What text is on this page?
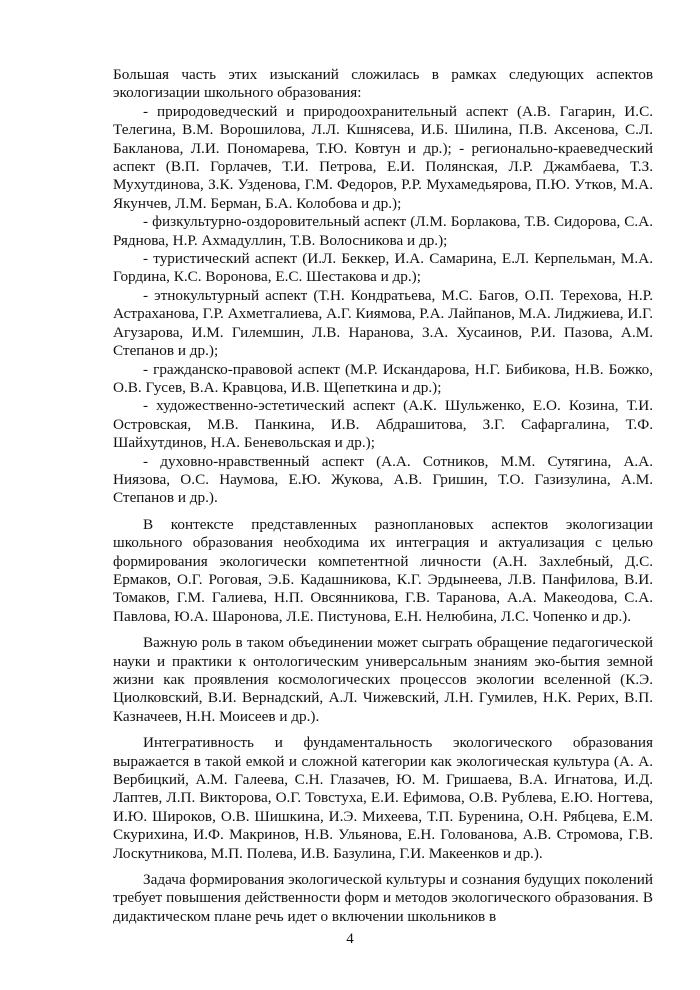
Большая часть этих изысканий сложилась в рамках следующих аспектов экологизации школьного образования:

- природоведческий и природоохранительный аспект (А.В. Гагарин, И.С. Телегина, В.М. Ворошилова, Л.Л. Кшнясева, И.Б. Шилина, П.В. Аксенова, С.Л. Бакланова, Л.И. Пономарева, Т.Ю. Ковтун и др.); - регионально-краеведческий аспект (В.П. Горлачев, Т.И. Петрова, Е.И. Полянская, Л.Р. Джамбаева, Т.З. Мухутдинова, З.К. Узденова, Г.М. Федоров, Р.Р. Мухамедьярова, П.Ю. Утков, М.А. Якунчев, Л.М. Берман, Б.А. Колобова и др.);

- физкультурно-оздоровительный аспект (Л.М. Борлакова, Т.В. Сидорова, С.А. Ряднова, Н.Р. Ахмадуллин, Т.В. Волосникова и др.);

- туристический аспект (И.Л. Беккер, И.А. Самарина, Е.Л. Керпельман, М.А. Гордина, К.С. Воронова, Е.С. Шестакова и др.);

- этнокультурный аспект (Т.Н. Кондратьева, М.С. Багов, О.П. Терехова, Н.Р. Астраханова, Г.Р. Ахметгалиева, А.Г. Киямова, Р.А. Лайпанов, М.А. Лиджиева, И.Г. Агузарова, И.М. Гилемшин, Л.В. Наранова, З.А. Хусаинов, Р.И. Пазова, А.М. Степанов и др.);

- гражданско-правовой аспект (М.Р. Искандарова, Н.Г. Бибикова, Н.В. Божко, О.В. Гусев, В.А. Кравцова, И.В. Щепеткина и др.);

- художественно-эстетический аспект (А.К. Шульженко, Е.О. Козина, Т.И. Островская, М.В. Панкина, И.В. Абдрашитова, З.Г. Сафаргалина, Т.Ф. Шайхутдинов, Н.А. Беневольская и др.);

- духовно-нравственный аспект (А.А. Сотников, М.М. Сутягина, А.А. Ниязова, О.С. Наумова, Е.Ю. Жукова, А.В. Гришин, Т.О. Газизулина, А.М. Степанов и др.).

В контексте представленных разноплановых аспектов экологизации школьного образования необходима их интеграция и актуализация с целью формирования экологически компетентной личности (А.Н. Захлебный, Д.С. Ермаков, О.Г. Роговая, Э.Б. Кадашникова, К.Г. Эрдынеева, Л.В. Панфилова, В.И. Томаков, Г.М. Галиева, Н.П. Овсянникова, Г.В. Таранова, А.А. Макеодова, С.А. Павлова, Ю.А. Шаронова, Л.Е. Пистунова, Е.Н. Нелюбина, Л.С. Чопенко и др.).

Важную роль в таком объединении может сыграть обращение педагогической науки и практики к онтологическим универсальным знаниям эко-бытия земной жизни как проявления космологических процессов экологии вселенной (К.Э. Циолковский, В.И. Вернадский, А.Л. Чижевский, Л.Н. Гумилев, Н.К. Рерих, В.П. Казначеев, Н.Н. Моисеев и др.).

Интегративность и фундаментальность экологического образования выражается в такой емкой и сложной категории как экологическая культура (А. А. Вербицкий, А.М. Галеева, С.Н. Глазачев, Ю. М. Гришаева, В.А. Игнатова, И.Д. Лаптев, Л.П. Викторова, О.Г. Товстуха, Е.И. Ефимова, О.В. Рублева, Е.Ю. Ногтева, И.Ю. Широков, О.В. Шишкина, И.Э. Михеева, Т.П. Буренина, О.Н. Рябцева, Е.М. Скурихина, И.Ф. Макринов, Н.В. Ульянова, Е.Н. Голованова, А.В. Стромова, Г.В. Лоскутникова, М.П. Полева, И.В. Базулина, Г.И. Макеенков и др.).

Задача формирования экологической культуры и сознания будущих поколений требует повышения действенности форм и методов экологического образования. В дидактическом плане речь идет о включении школьников в

4
